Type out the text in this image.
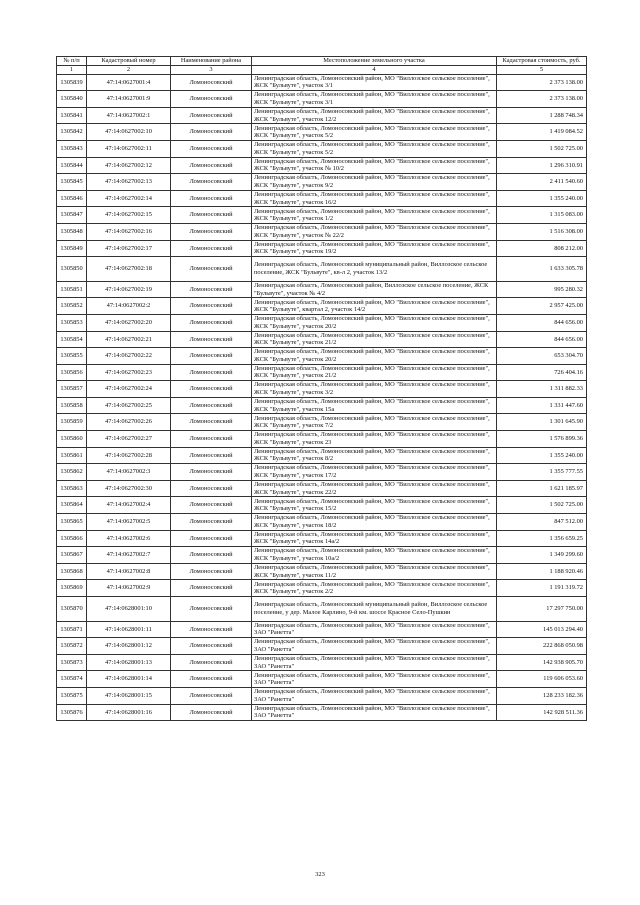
№ п/п	Кадастровый номер	Наименование района	Местоположение земельного участка	Кадастровая стоимость, руб.
1	2	3	4	5
1305839	47:14:0627001:4	Ломоносовский	Ленинградская область, Ломоносовский район, МО "Виллозское сельское поселение", ЖСК "Бульвуте", участок 3/1	2 373 138.00
1305840	47:14:0627001:9	Ломоносовский	Ленинградская область, Ломоносовский район, МО "Виллозское сельское поселение", ЖСК "Бульвуте", участок 3/1	2 373 138.00
1305841	47:14:0627002:1	Ломоносовский	Ленинградская область, Ломоносовский район, МО "Виллозское сельское поселение", ЖСК "Бульвуте", участок 12/2	1 288 748.34
1305842	47:14:0627002:10	Ломоносовский	Ленинградская область, Ломоносовский район, МО "Виллозское сельское поселение", ЖСК "Бульвуте", участок 5/2	1 419 084.52
1305843	47:14:0627002:11	Ломоносовский	Ленинградская область, Ломоносовский район, МО "Виллозское сельское поселение", ЖСК "Бульвуте", участок 5/2	1 502 725.00
1305844	47:14:0627002:12	Ломоносовский	Ленинградская область, Ломоносовский район, МО "Виллозское сельское поселение", ЖСК "Бульвуте", участок № 10/2	1 296 310.91
1305845	47:14:0627002:13	Ломоносовский	Ленинградская область, Ломоносовский район, МО "Виллозское сельское поселение", ЖСК "Бульвуте", участок 9/2	2 411 540.60
1305846	47:14:0627002:14	Ломоносовский	Ленинградская область, Ломоносовский район, МО "Виллозское сельское поселение", ЖСК "Бульвуте", участок 16/2	1 355 240.00
1305847	47:14:0627002:15	Ломоносовский	Ленинградская область, Ломоносовский район, МО "Виллозское сельское поселение", ЖСК "Бульвуте", участок 1/2	1 315 083.00
1305848	47:14:0627002:16	Ломоносовский	Ленинградская область, Ломоносовский район, МО "Виллозское сельское поселение", ЖСК "Бульвуте", участок № 22/2	1 516 308.00
1305849	47:14:0627002:17	Ломоносовский	Ленинградская область, Ломоносовский район, МО "Виллозское сельское поселение", ЖСК "Бульвуте", участок 19/2	808 212.00
1305850	47:14:0627002:18	Ломоносовский	Ленинградская область, Ломоносовский муниципальный район, Виллозское сельское поселение, ЖСК "Бульвуте", кв-л 2, участок 13/2	1 633 305.78
1305851	47:14:0627002:19	Ломоносовский	Ленинградская область, Ломоносовский район, Виллозское сельское поселение, ЖСК "Бульвуте", участок № 4/2	995 280.32
1305852	47:14:0627002:2	Ломоносовский	Ленинградская область, Ломоносовский район, МО "Виллозское сельское поселение", ЖСК "Бульвуте", квартал 2, участок 14/2	2 957 425.00
1305853	47:14:0627002:20	Ломоносовский	Ленинградская область, Ломоносовский район, МО "Виллозское сельское поселение", ЖСК "Бульвуте", участок 20/2	844 656.00
1305854	47:14:0627002:21	Ломоносовский	Ленинградская область, Ломоносовский район, МО "Виллозское сельское поселение", ЖСК "Бульвуте", участок 21/2	844 656.00
1305855	47:14:0627002:22	Ломоносовский	Ленинградская область, Ломоносовский район, МО "Виллозское сельское поселение", ЖСК "Бульвуте", участок 20/2	653 304.70
1305856	47:14:0627002:23	Ломоносовский	Ленинградская область, Ломоносовский район, МО "Виллозское сельское поселение", ЖСК "Бульвуте", участок 21/2	726 404.16
1305857	47:14:0627002:24	Ломоносовский	Ленинградская область, Ломоносовский район, МО "Виллозское сельское поселение", ЖСК "Бульвуте", участок 3/2	1 311 882.33
1305858	47:14:0627002:25	Ломоносовский	Ленинградская область, Ломоносовский район, МО "Виллозское сельское поселение", ЖСК "Бульвуте", участок 15а	1 331 447.60
1305859	47:14:0627002:26	Ломоносовский	Ленинградская область, Ломоносовский район, МО "Виллозское сельское поселение", ЖСК "Бульвуте", участок 7/2	1 301 645.90
1305860	47:14:0627002:27	Ломоносовский	Ленинградская область, Ломоносовский район, МО "Виллозское сельское поселение", ЖСК "Бульвуте", участок 23	1 576 899.36
1305861	47:14:0627002:28	Ломоносовский	Ленинградская область, Ломоносовский район, МО "Виллозское сельское поселение", ЖСК "Бульвуте", участок 8/2	1 355 240.00
1305862	47:14:0627002:3	Ломоносовский	Ленинградская область, Ломоносовский район, МО "Виллозское сельское поселение", ЖСК "Бульвуте", участок 17/2	1 355 777.55
1305863	47:14:0627002:30	Ломоносовский	Ленинградская область, Ломоносовский район, МО "Виллозское сельское поселение", ЖСК "Бульвуте", участок 22/2	1 621 185.97
1305864	47:14:0627002:4	Ломоносовский	Ленинградская область, Ломоносовский район, МО "Виллозское сельское поселение", ЖСК "Бульвуте", участок 15/2	1 502 725.00
1305865	47:14:0627002:5	Ломоносовский	Ленинградская область, Ломоносовский район, МО "Виллозское сельское поселение", ЖСК "Бульвуте", участок 18/2	847 512.00
1305866	47:14:0627002:6	Ломоносовский	Ленинградская область, Ломоносовский район, МО "Виллозское сельское поселение", ЖСК "Бульвуте", участок 14а/2	1 356 659.25
1305867	47:14:0627002:7	Ломоносовский	Ленинградская область, Ломоносовский район, МО "Виллозское сельское поселение", ЖСК "Бульвуте", участок 10а/2	1 349 299.60
1305868	47:14:0627002:8	Ломоносовский	Ленинградская область, Ломоносовский район, МО "Виллозское сельское поселение", ЖСК "Бульвуте", участок 11/2	1 188 920.46
1305869	47:14:0627002:9	Ломоносовский	Ленинградская область, Ломоносовский район, МО "Виллозское сельское поселение", ЖСК "Бульвуте", участок 2/2	1 191 319.72
1305870	47:14:0628001:10	Ломоносовский	Ленинградская область, Ломоносовский муниципальный район, Виллозское сельское поселение, у дер. Малое Карлино, 9-й км. шоссе Красное Село-Пушкин	17 297 750.00
1305871	47:14:0628001:11	Ломоносовский	Ленинградская область, Ломоносовский район, МО "Виллозское сельское поселение", ЗАО "Ранетта"	145 013 294.40
1305872	47:14:0628001:12	Ломоносовский	Ленинградская область, Ломоносовский район, МО "Виллозское сельское поселение", ЗАО "Ранетта"	222 868 050.98
1305873	47:14:0628001:13	Ломоносовский	Ленинградская область, Ломоносовский район, МО "Виллозское сельское поселение", ЗАО "Ранетта"	142 938 905.70
1305874	47:14:0628001:14	Ломоносовский	Ленинградская область, Ломоносовский район, МО "Виллозское сельское поселение", ЗАО "Ранетта"	119 606 053.60
1305875	47:14:0628001:15	Ломоносовский	Ленинградская область, Ломоносовский район, МО "Виллозское сельское поселение", ЗАО "Ранетта"	128 233 182.36
1305876	47:14:0628001:16	Ломоносовский	Ленинградская область, Ломоносовский район, МО "Виллозское сельское поселение", ЗАО "Ранетта"	142 928 511.36
323
